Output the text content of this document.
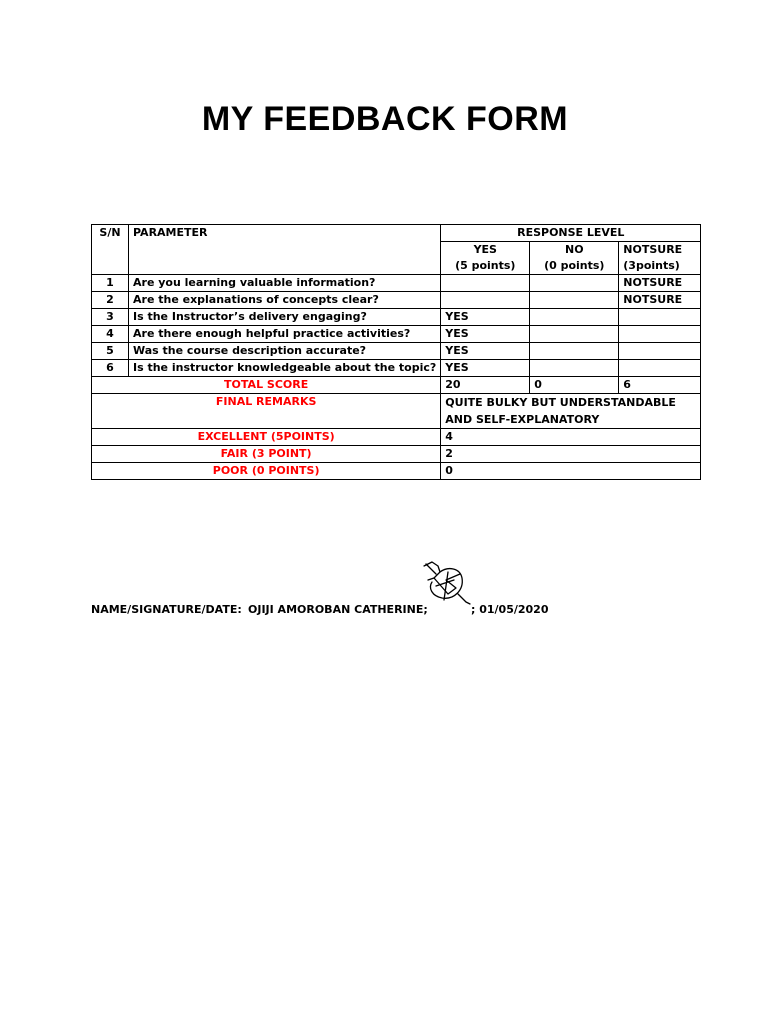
MY FEEDBACK FORM
S/N	PARAMETER	RESPONSE LEVEL		
		YES	NO	NOTSURE
		(5 points)	(0 points)	(3points)
1	Are you learning valuable information?			NOTSURE
2	Are the explanations of concepts clear?			NOTSURE
3	Is the Instructor’s delivery engaging?	YES		
4	Are there enough helpful practice activities?	YES		
5	Was the course description accurate?	YES		
6	Is the instructor knowledgeable about the topic?	YES		
TOTAL SCORE		20	0	6
FINAL REMARKS		QUITE BULKY BUT UNDERSTANDABLE AND SELF-EXPLANATORY		
EXCELLENT (5POINTS)		4		
FAIR (3 POINT)		2		
POOR (0 POINTS)		0		
NAME/SIGNATURE/DATE: OJIJI AMOROBAN CATHERINE;	; 01/05/2020
